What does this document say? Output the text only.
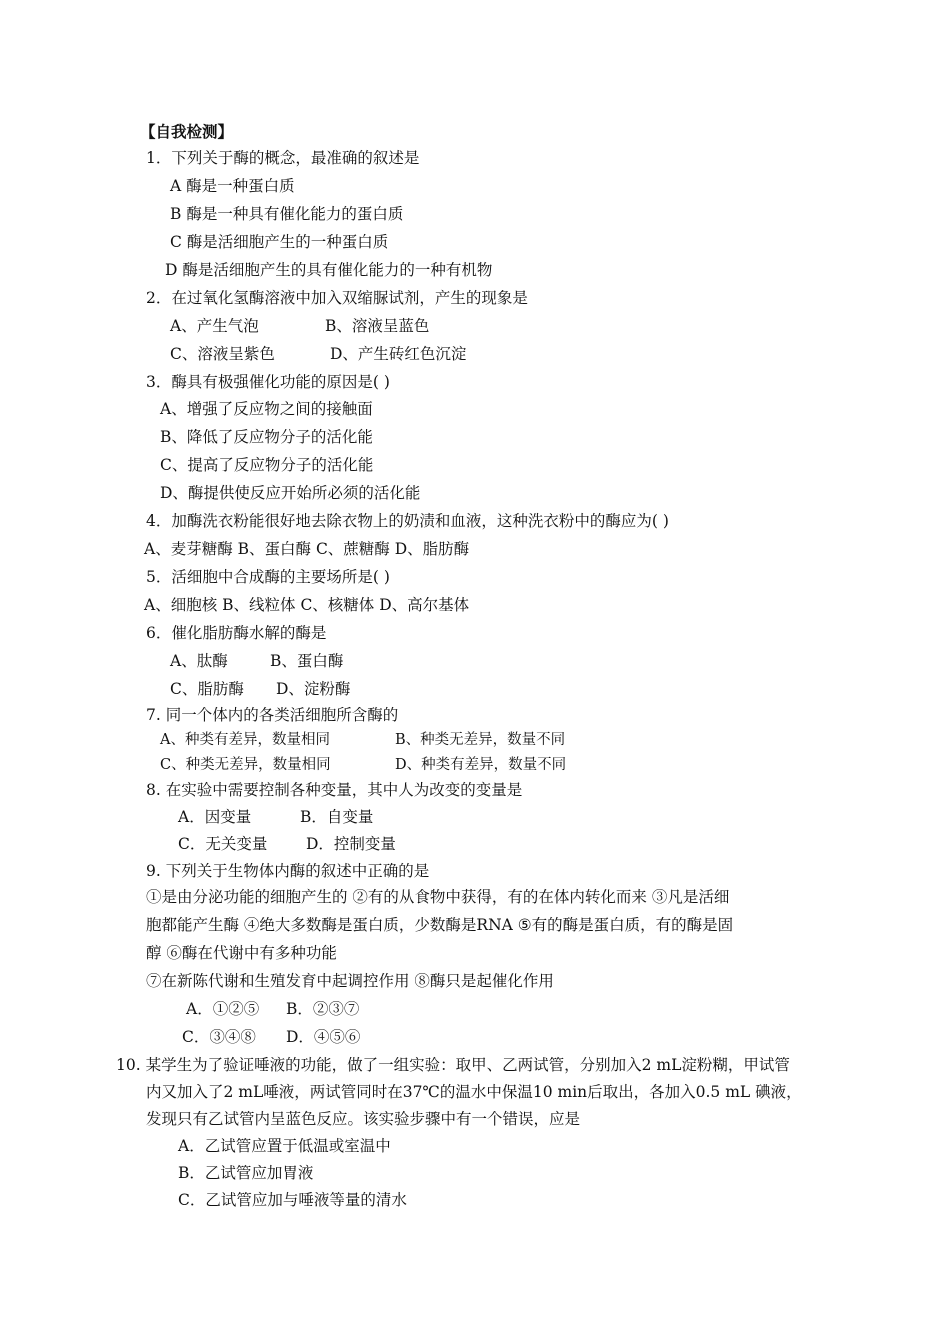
【自我检测】
1．下列关于酶的概念，最准确的叙述是
A 酶是一种蛋白质
B 酶是一种具有催化能力的蛋白质
C 酶是活细胞产生的一种蛋白质
D 酶是活细胞产生的具有催化能力的一种有机物
2．在过氧化氢酶溶液中加入双缩脲试剂，产生的现象是
A、产生气泡	B、溶液呈蓝色
C、溶液呈紫色	D、产生砖红色沉淀
3．酶具有极强催化功能的原因是( )
A、增强了反应物之间的接触面
B、降低了反应物分子的活化能
C、提高了反应物分子的活化能
D、酶提供使反应开始所必须的活化能
4．加酶洗衣粉能很好地去除衣物上的奶渍和血液，这种洗衣粉中的酶应为( )
A、麦芽糖酶 B、蛋白酶 C、蔗糖酶 D、脂肪酶
5．活细胞中合成酶的主要场所是( )
A、细胞核 B、线粒体 C、核糖体 D、高尔基体
6．催化脂肪酶水解的酶是
A、肽酶	B、蛋白酶
C、脂肪酶 D、淀粉酶
7. 同一个体内的各类活细胞所含酶的
A、种类有差异，数量相同	B、种类无差异，数量不同
C、种类无差异，数量相同	D、种类有差异，数量不同
8. 在实验中需要控制各种变量，其中人为改变的变量是
A．因变量	B．自变量
C．无关变量 D．控制变量
9. 下列关于生物体内酶的叙述中正确的是
①是由分泌功能的细胞产生的 ②有的从食物中获得，有的在体内转化而来 ③凡是活细
胞都能产生酶 ④绝大多数酶是蛋白质，少数酶是RNA ⑤有的酶是蛋白质，有的酶是固
醇 ⑥酶在代谢中有多种功能
⑦在新陈代谢和生殖发育中起调控作用 ⑧酶只是起催化作用
A．①②⑤ B．②③⑦
C．③④⑧ D．④⑤⑥
10. 某学生为了验证唾液的功能，做了一组实验：取甲、乙两试管，分别加入2 mL淀粉糊，甲试管
内又加入了2 mL唾液，两试管同时在37℃的温水中保温10 min后取出，各加入0.5 mL 碘液，
发现只有乙试管内呈蓝色反应。该实验步骤中有一个错误，应是
A．乙试管应置于低温或室温中
B．乙试管应加胃液
C．乙试管应加与唾液等量的清水
